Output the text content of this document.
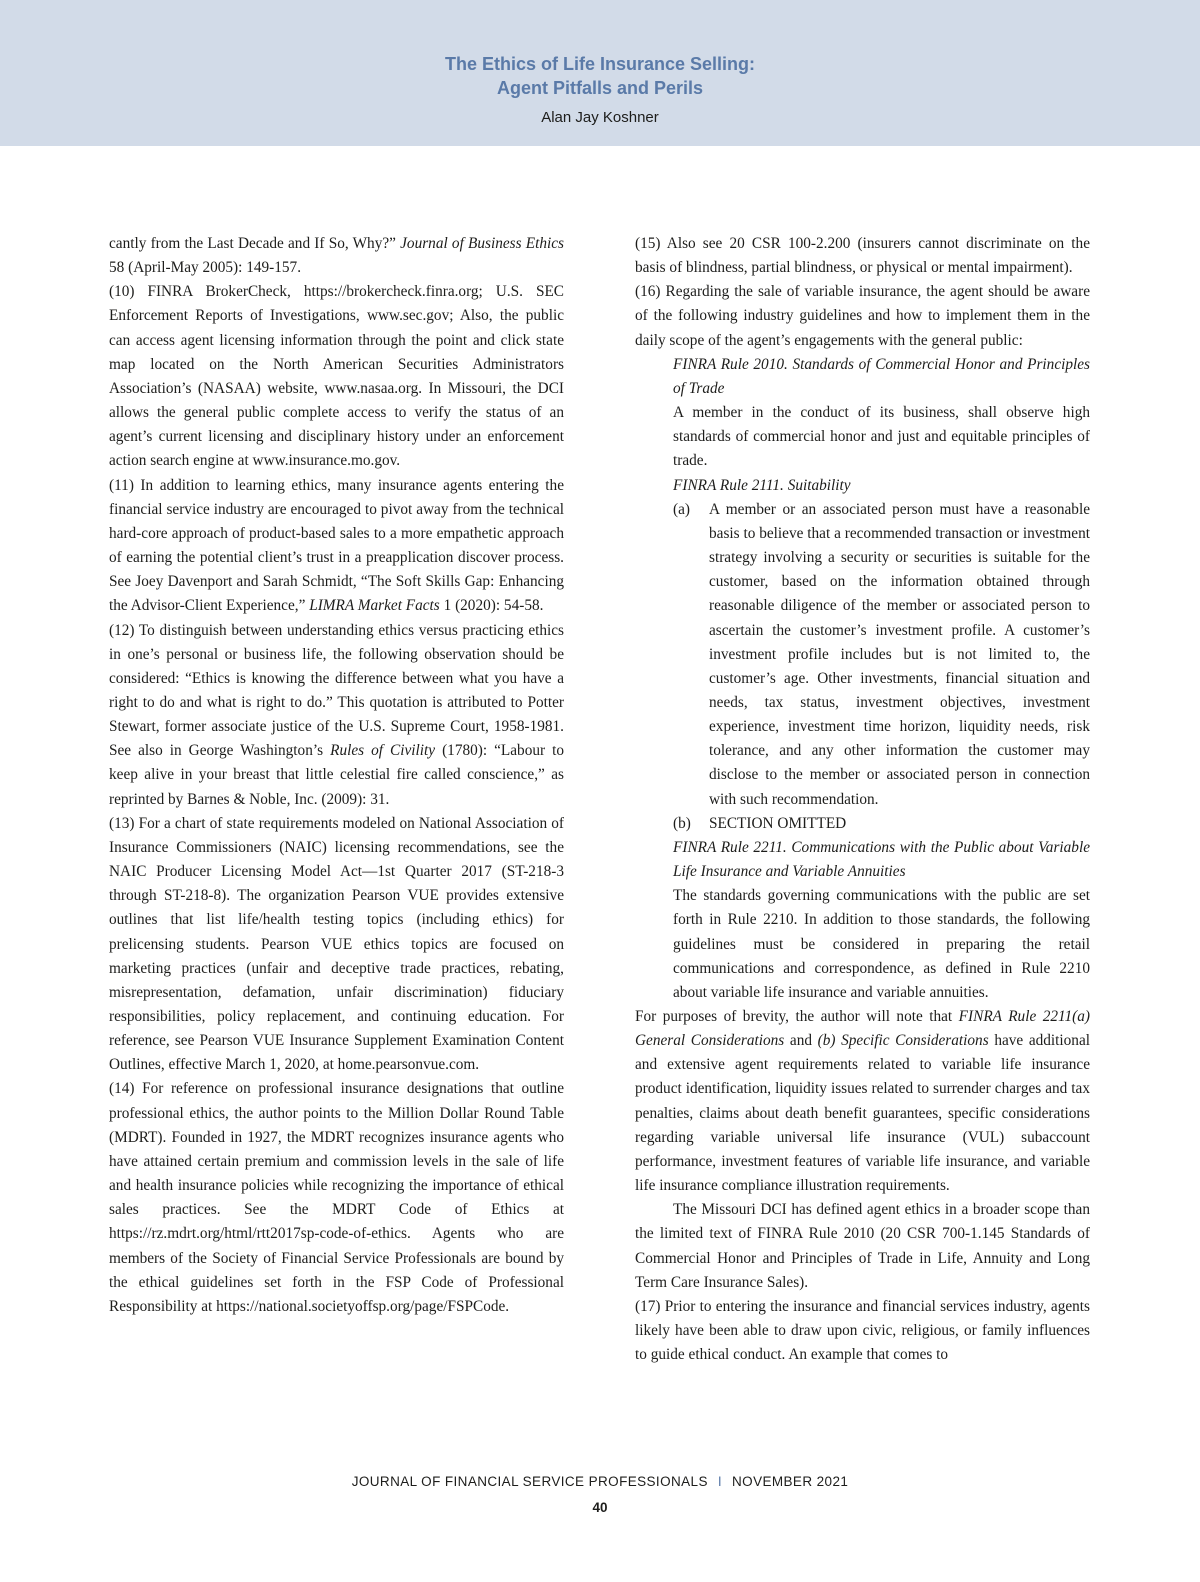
The Ethics of Life Insurance Selling:
Agent Pitfalls and Perils
Alan Jay Koshner

cantly from the Last Decade and If So, Why?” Journal of Business Ethics 58 (April-May 2005): 149-157.

(10) FINRA BrokerCheck, https://brokercheck.finra.org; U.S. SEC Enforcement Reports of Investigations, www.sec.gov; Also, the public can access agent licensing information through the point and click state map located on the North American Securities Administrators Association’s (NASAA) website, www.nasaa.org. In Missouri, the DCI allows the general public complete access to verify the status of an agent’s current licensing and disciplinary history under an enforcement action search engine at www.insurance.mo.gov.

(11) In addition to learning ethics, many insurance agents entering the financial service industry are encouraged to pivot away from the technical hard-core approach of product-based sales to a more empathetic approach of earning the potential client’s trust in a preapplication discover process. See Joey Davenport and Sarah Schmidt, “The Soft Skills Gap: Enhancing the Advisor-Client Experience,” LIMRA Market Facts 1 (2020): 54-58.

(12) To distinguish between understanding ethics versus practicing ethics in one’s personal or business life, the following observation should be considered: “Ethics is knowing the difference between what you have a right to do and what is right to do.” This quotation is attributed to Potter Stewart, former associate justice of the U.S. Supreme Court, 1958-1981. See also in George Washington’s Rules of Civility (1780): “Labour to keep alive in your breast that little celestial fire called conscience,” as reprinted by Barnes & Noble, Inc. (2009): 31.

(13) For a chart of state requirements modeled on National Association of Insurance Commissioners (NAIC) licensing recommendations, see the NAIC Producer Licensing Model Act—1st Quarter 2017 (ST-218-3 through ST-218-8). The organization Pearson VUE provides extensive outlines that list life/health testing topics (including ethics) for prelicensing students. Pearson VUE ethics topics are focused on marketing practices (unfair and deceptive trade practices, rebating, misrepresentation, defamation, unfair discrimination) fiduciary responsibilities, policy replacement, and continuing education. For reference, see Pearson VUE Insurance Supplement Examination Content Outlines, effective March 1, 2020, at home.pearsonvue.com.

(14) For reference on professional insurance designations that outline professional ethics, the author points to the Million Dollar Round Table (MDRT). Founded in 1927, the MDRT recognizes insurance agents who have attained certain premium and commission levels in the sale of life and health insurance policies while recognizing the importance of ethical sales practices. See the MDRT Code of Ethics at https://rz.mdrt.org/html/rtt2017sp-code-of-ethics. Agents who are members of the Society of Financial Service Professionals are bound by the ethical guidelines set forth in the FSP Code of Professional Responsibility at https://national.societyoffsp.org/page/FSPCode.

(15) Also see 20 CSR 100-2.200 (insurers cannot discriminate on the basis of blindness, partial blindness, or physical or mental impairment).

(16) Regarding the sale of variable insurance, the agent should be aware of the following industry guidelines and how to implement them in the daily scope of the agent’s engagements with the general public:

FINRA Rule 2010. Standards of Commercial Honor and Principles of Trade

A member in the conduct of its business, shall observe high standards of commercial honor and just and equitable principles of trade.

FINRA Rule 2111. Suitability

(a)	A member or an associated person must have a reasonable basis to believe that a recommended transaction or investment strategy involving a security or securities is suitable for the customer, based on the information obtained through reasonable diligence of the member or associated person to ascertain the customer’s investment profile. A customer’s investment profile includes but is not limited to, the customer’s age. Other investments, financial situation and needs, tax status, investment objectives, investment experience, investment time horizon, liquidity needs, risk tolerance, and any other information the customer may disclose to the member or associated person in connection with such recommendation.
(b)	SECTION OMITTED

FINRA Rule 2211. Communications with the Public about Variable Life Insurance and Variable Annuities

The standards governing communications with the public are set forth in Rule 2210. In addition to those standards, the following guidelines must be considered in preparing the retail communications and correspondence, as defined in Rule 2210 about variable life insurance and variable annuities.

For purposes of brevity, the author will note that FINRA Rule 2211(a) General Considerations and (b) Specific Considerations have additional and extensive agent requirements related to variable life insurance product identification, liquidity issues related to surrender charges and tax penalties, claims about death benefit guarantees, specific considerations regarding variable universal life insurance (VUL) subaccount performance, investment features of variable life insurance, and variable life insurance compliance illustration requirements.

The Missouri DCI has defined agent ethics in a broader scope than the limited text of FINRA Rule 2010 (20 CSR 700-1.145 Standards of Commercial Honor and Principles of Trade in Life, Annuity and Long Term Care Insurance Sales).

(17) Prior to entering the insurance and financial services industry, agents likely have been able to draw upon civic, religious, or family influences to guide ethical conduct. An example that comes to

JOURNAL OF FINANCIAL SERVICE PROFESSIONALS I NOVEMBER 2021
40
